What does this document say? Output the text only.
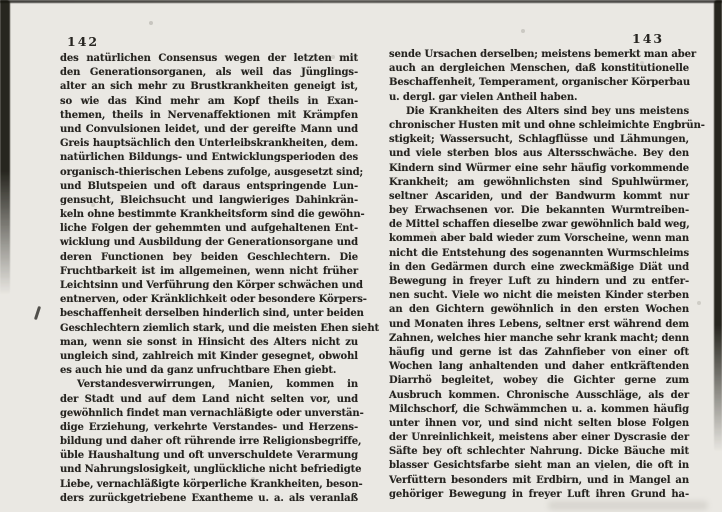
142	143
des natürlichen Consensus wegen der letzten mit
den Generationsorganen, als weil das Jünglings-
alter an sich mehr zu Brustkrankheiten geneigt ist,
so wie das Kind mehr am Kopf theils in Exan-
themen, theils in Nervenaffektionen mit Krämpfen
und Convulsionen leidet, und der gereifte Mann und
Greis hauptsächlich den Unterleibskrankheiten, dem.
natürlichen Bildungs- und Entwicklungsperioden des
organisch-thierischen Lebens zufolge, ausgesetzt sind;
und Blutspeien und oft daraus entspringende Lun-
gensucht, Bleichsucht und langwieriges Dahinkrän-
keln ohne bestimmte Krankheitsform sind die gewöhn-
liche Folgen der gehemmten und aufgehaltenen Ent-
wicklung und Ausbildung der Generationsorgane und
deren Functionen bey beiden Geschlechtern. Die
Fruchtbarkeit ist im allgemeinen, wenn nicht früher
Leichtsinn und Verführung den Körper schwächen und
entnerven, oder Kränklichkeit oder besondere Körpers-
beschaffenheit derselben hinderlich sind, unter beiden
Geschlechtern ziemlich stark, und die meisten Ehen sieht
man, wenn sie sonst in Hinsicht des Alters nicht zu
ungleich sind, zahlreich mit Kinder gesegnet, obwohl
es auch hie und da ganz unfruchtbare Ehen giebt.
Verstandesverwirrungen, Manien, kommen in
der Stadt und auf dem Land nicht selten vor, und
gewöhnlich findet man vernachläßigte oder unverstän-
dige Erziehung, verkehrte Verstandes- und Herzens-
bildung und daher oft rührende irre Religionsbegriffe,
üble Haushaltung und oft unverschuldete Verarmung
und Nahrungslosigkeit, unglückliche nicht befriedigte
Liebe, vernachläßigte körperliche Krankheiten, beson-
ders zurückgetriebene Exantheme u. a. als veranlaß
sende Ursachen derselben; meistens bemerkt man aber
auch an dergleichen Menschen, daß konstitutionelle
Beschaffenheit, Temperament, organischer Körperbau
u. dergl. gar vielen Antheil haben.
Die Krankheiten des Alters sind bey uns meistens
chronischer Husten mit und ohne schleimichte Engbrün-
stigkeit; Wassersucht, Schlagflüsse und Lähmungen,
und viele sterben blos aus Altersschwäche. Bey den
Kindern sind Würmer eine sehr häufig vorkommende
Krankheit; am gewöhnlichsten sind Spuhlwürmer,
seltner Ascariden, und der Bandwurm kommt nur
bey Erwachsenen vor. Die bekannten Wurmtreiben-
de Mittel schaffen dieselbe zwar gewöhnlich bald weg,
kommen aber bald wieder zum Vorscheine, wenn man
nicht die Entstehung des sogenannten Wurmschleims
in den Gedärmen durch eine zweckmäßige Diät und
Bewegung in freyer Luft zu hindern und zu entfer-
nen sucht. Viele wo nicht die meisten Kinder sterben
an den Gichtern gewöhnlich in den ersten Wochen
und Monaten ihres Lebens, seltner erst während dem
Zahnen, welches hier manche sehr krank macht; denn
häufig und gerne ist das Zahnfieber von einer oft
Wochen lang anhaltenden und daher entkräftenden
Diarrhö begleitet, wobey die Gichter gerne zum
Ausbruch kommen. Chronische Ausschläge, als der
Milchschorf, die Schwämmchen u. a. kommen häufig
unter ihnen vor, und sind nicht selten blose Folgen
der Unreinlichkeit, meistens aber einer Dyscrasie der
Säfte bey oft schlechter Nahrung. Dicke Bäuche mit
blasser Gesichtsfarbe sieht man an vielen, die oft in
Verfüttern besonders mit Erdbirn, und in Mangel an
gehöriger Bewegung in freyer Luft ihren Grund ha-
